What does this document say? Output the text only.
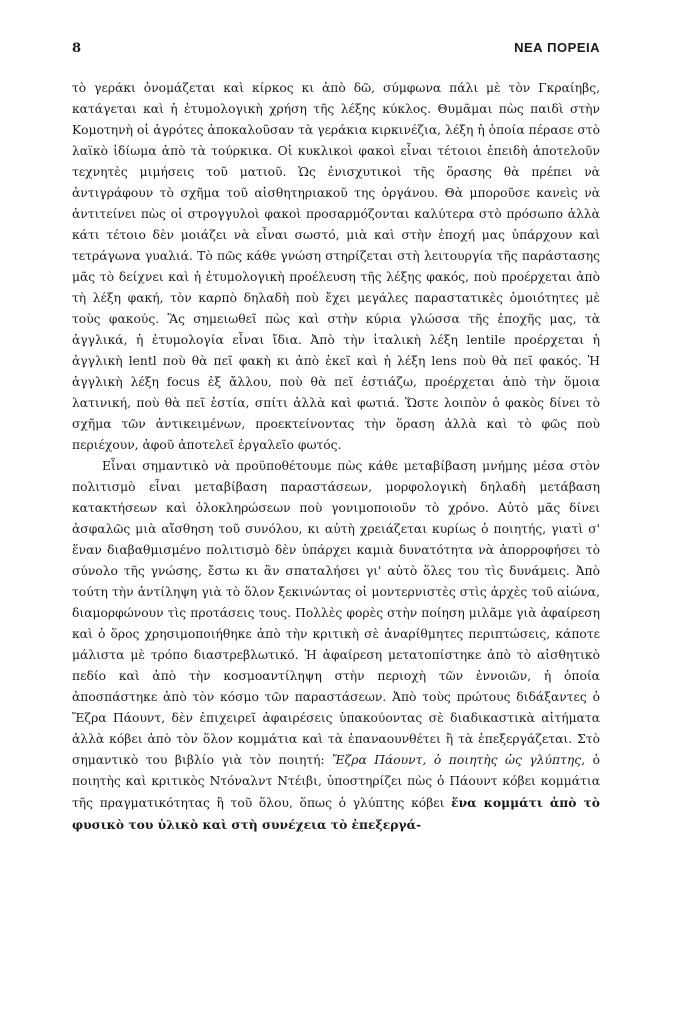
8	ΝΕΑ ΠΟΡΕΙΑ

τὸ γεράκι ὀνομάζεται καὶ κίρκος κι ἀπὸ δῶ, σύμφωνα πάλι μὲ τὸν Γκραίηβς, κατάγεται καὶ ἡ ἐτυμολογικὴ χρήση τῆς λέξης κύκλος. Θυμᾶμαι πὼς παιδὶ στὴν Κομοτηνὴ οἱ ἀγρότες ἀποκαλοῦσαν τὰ γεράκια κιρκινέζια, λέξη ἡ ὁποία πέρασε στὸ λαϊκὸ ἰδίωμα ἀπὸ τὰ τούρκικα. Οἱ κυκλικοὶ φακοὶ εἶναι τέτοιοι ἐπειδὴ ἀποτελοῦν τεχνητὲς μιμήσεις τοῦ ματιοῦ. Ὡς ἐνισχυτικοὶ τῆς ὅρασης θὰ πρέπει νὰ ἀντιγράφουν τὸ σχῆμα τοῦ αἰσθητηριακοῦ της ὀργάνου. Θὰ μποροῦσε κανεὶς νὰ ἀντιτείνει πὼς οἱ στρογγυλοὶ φακοὶ προσαρμόζονται καλύτερα στὸ πρόσωπο ἀλλὰ κάτι τέτοιο δὲν μοιάζει νὰ εἶναι σωστό, μιὰ καὶ στὴν ἐποχή μας ὑπάρχουν καὶ τετράγωνα γυαλιά. Τὸ πῶς κάθε γνώση στηρίζεται στὴ λειτουργία τῆς παράστασης μᾶς τὸ δείχνει καὶ ἡ ἐτυμολογικὴ προέλευση τῆς λέξης φακός, ποὺ προέρχεται ἀπὸ τὴ λέξη φακή, τὸν καρπὸ δηλαδὴ ποὺ ἔχει μεγάλες παραστατικὲς ὁμοιότητες μὲ τοὺς φακούς. Ἂς σημειωθεῖ πὼς καὶ στὴν κύρια γλώσσα τῆς ἐποχῆς μας, τὰ ἀγγλικά, ἡ ἐτυμολογία εἶναι ἴδια. Ἀπὸ τὴν ἰταλικὴ λέξη lentile προέρχεται ἡ ἀγγλικὴ lentl ποὺ θὰ πεῖ φακὴ κι ἀπὸ ἐκεῖ καὶ ἡ λέξη lens ποὺ θὰ πεῖ φακός. Ἡ ἀγγλικὴ λέξη focus ἐξ ἄλλου, ποὺ θὰ πεῖ ἑστιάζω, προέρχεται ἀπὸ τὴν ὅμοια λατινική, ποὺ θὰ πεῖ ἑστία, σπίτι ἀλλὰ καὶ φωτιά. Ὥστε λοιπὸν ὁ φακὸς δίνει τὸ σχῆμα τῶν ἀντικειμένων, προεκτείνοντας τὴν ὅραση ἀλλὰ καὶ τὸ φῶς ποὺ περιέχουν, ἀφοῦ ἀποτελεῖ ἐργαλεῖο φωτός.

Εἶναι σημαντικὸ νὰ προϋποθέτουμε πὼς κάθε μεταβίβαση μνήμης μέσα στὸν πολιτισμὸ εἶναι μεταβίβαση παραστάσεων, μορφολογικὴ δηλαδὴ μετάβαση κατακτήσεων καὶ ὁλοκληρώσεων ποὺ γονιμοποιοῦν τὸ χρόνο. Αὐτὸ μᾶς δίνει ἀσφαλῶς μιὰ αἴσθηση τοῦ συνόλου, κι αὐτὴ χρειάζεται κυρίως ὁ ποιητής, γιατὶ σ' ἕναν διαβαθμισμένο πολιτισμὸ δὲν ὑπάρχει καμιὰ δυνατότητα νὰ ἀπορροφήσει τὸ σύνολο τῆς γνώσης, ἔστω κι ἂν σπαταλήσει γι' αὐτὸ ὅλες του τὶς δυνάμεις. Ἀπὸ τούτη τὴν ἀντίληψη γιὰ τὸ ὅλον ξεκινώντας οἱ μοντερνιστὲς στὶς ἀρχὲς τοῦ αἰώνα, διαμορφώνουν τὶς προτάσεις τους. Πολλὲς φορὲς στὴν ποίηση μιλᾶμε γιὰ ἀφαίρεση καὶ ὁ ὅρος χρησιμοποιήθηκε ἀπὸ τὴν κριτικὴ σὲ ἀναρίθμητες περιπτώσεις, κάποτε μάλιστα μὲ τρόπο διαστρεβλωτικό. Ἡ ἀφαίρεση μετατοπίστηκε ἀπὸ τὸ αἰσθητικὸ πεδίο καὶ ἀπὸ τὴν κοσμοαντίληψη στὴν περιοχὴ τῶν ἐννοιῶν, ἡ ὁποία ἀποσπάστηκε ἀπὸ τὸν κόσμο τῶν παραστάσεων. Ἀπὸ τοὺς πρώτους διδάξαντες ὁ Ἔζρα Πάουντ, δὲν ἐπιχειρεῖ ἀφαιρέσεις ὑπακούοντας σὲ διαδικαστικὰ αἰτήματα ἀλλὰ κόβει ἀπὸ τὸν ὅλον κομμάτια καὶ τὰ ἐπαναουνθέτει ἢ τὰ ἐπεξεργάζεται. Στὸ σημαντικὸ του βιβλίο γιὰ τὸν ποιητή: Ἔζρα Πάουντ, ὁ ποιητὴς ὡς γλύπτης, ὁ ποιητὴς καὶ κριτικὸς Ντόναλντ Ντέιβι, ὑποστηρίζει πὼς ὁ Πάουντ κόβει κομμάτια τῆς πραγματικότητας ἢ τοῦ ὅλου, ὅπως ὁ γλύπτης κόβει ἕνα κομμάτι ἀπὸ τὸ φυσικὸ του ὑλικὸ καὶ στὴ συνέχεια τὸ ἐπεξεργά-
